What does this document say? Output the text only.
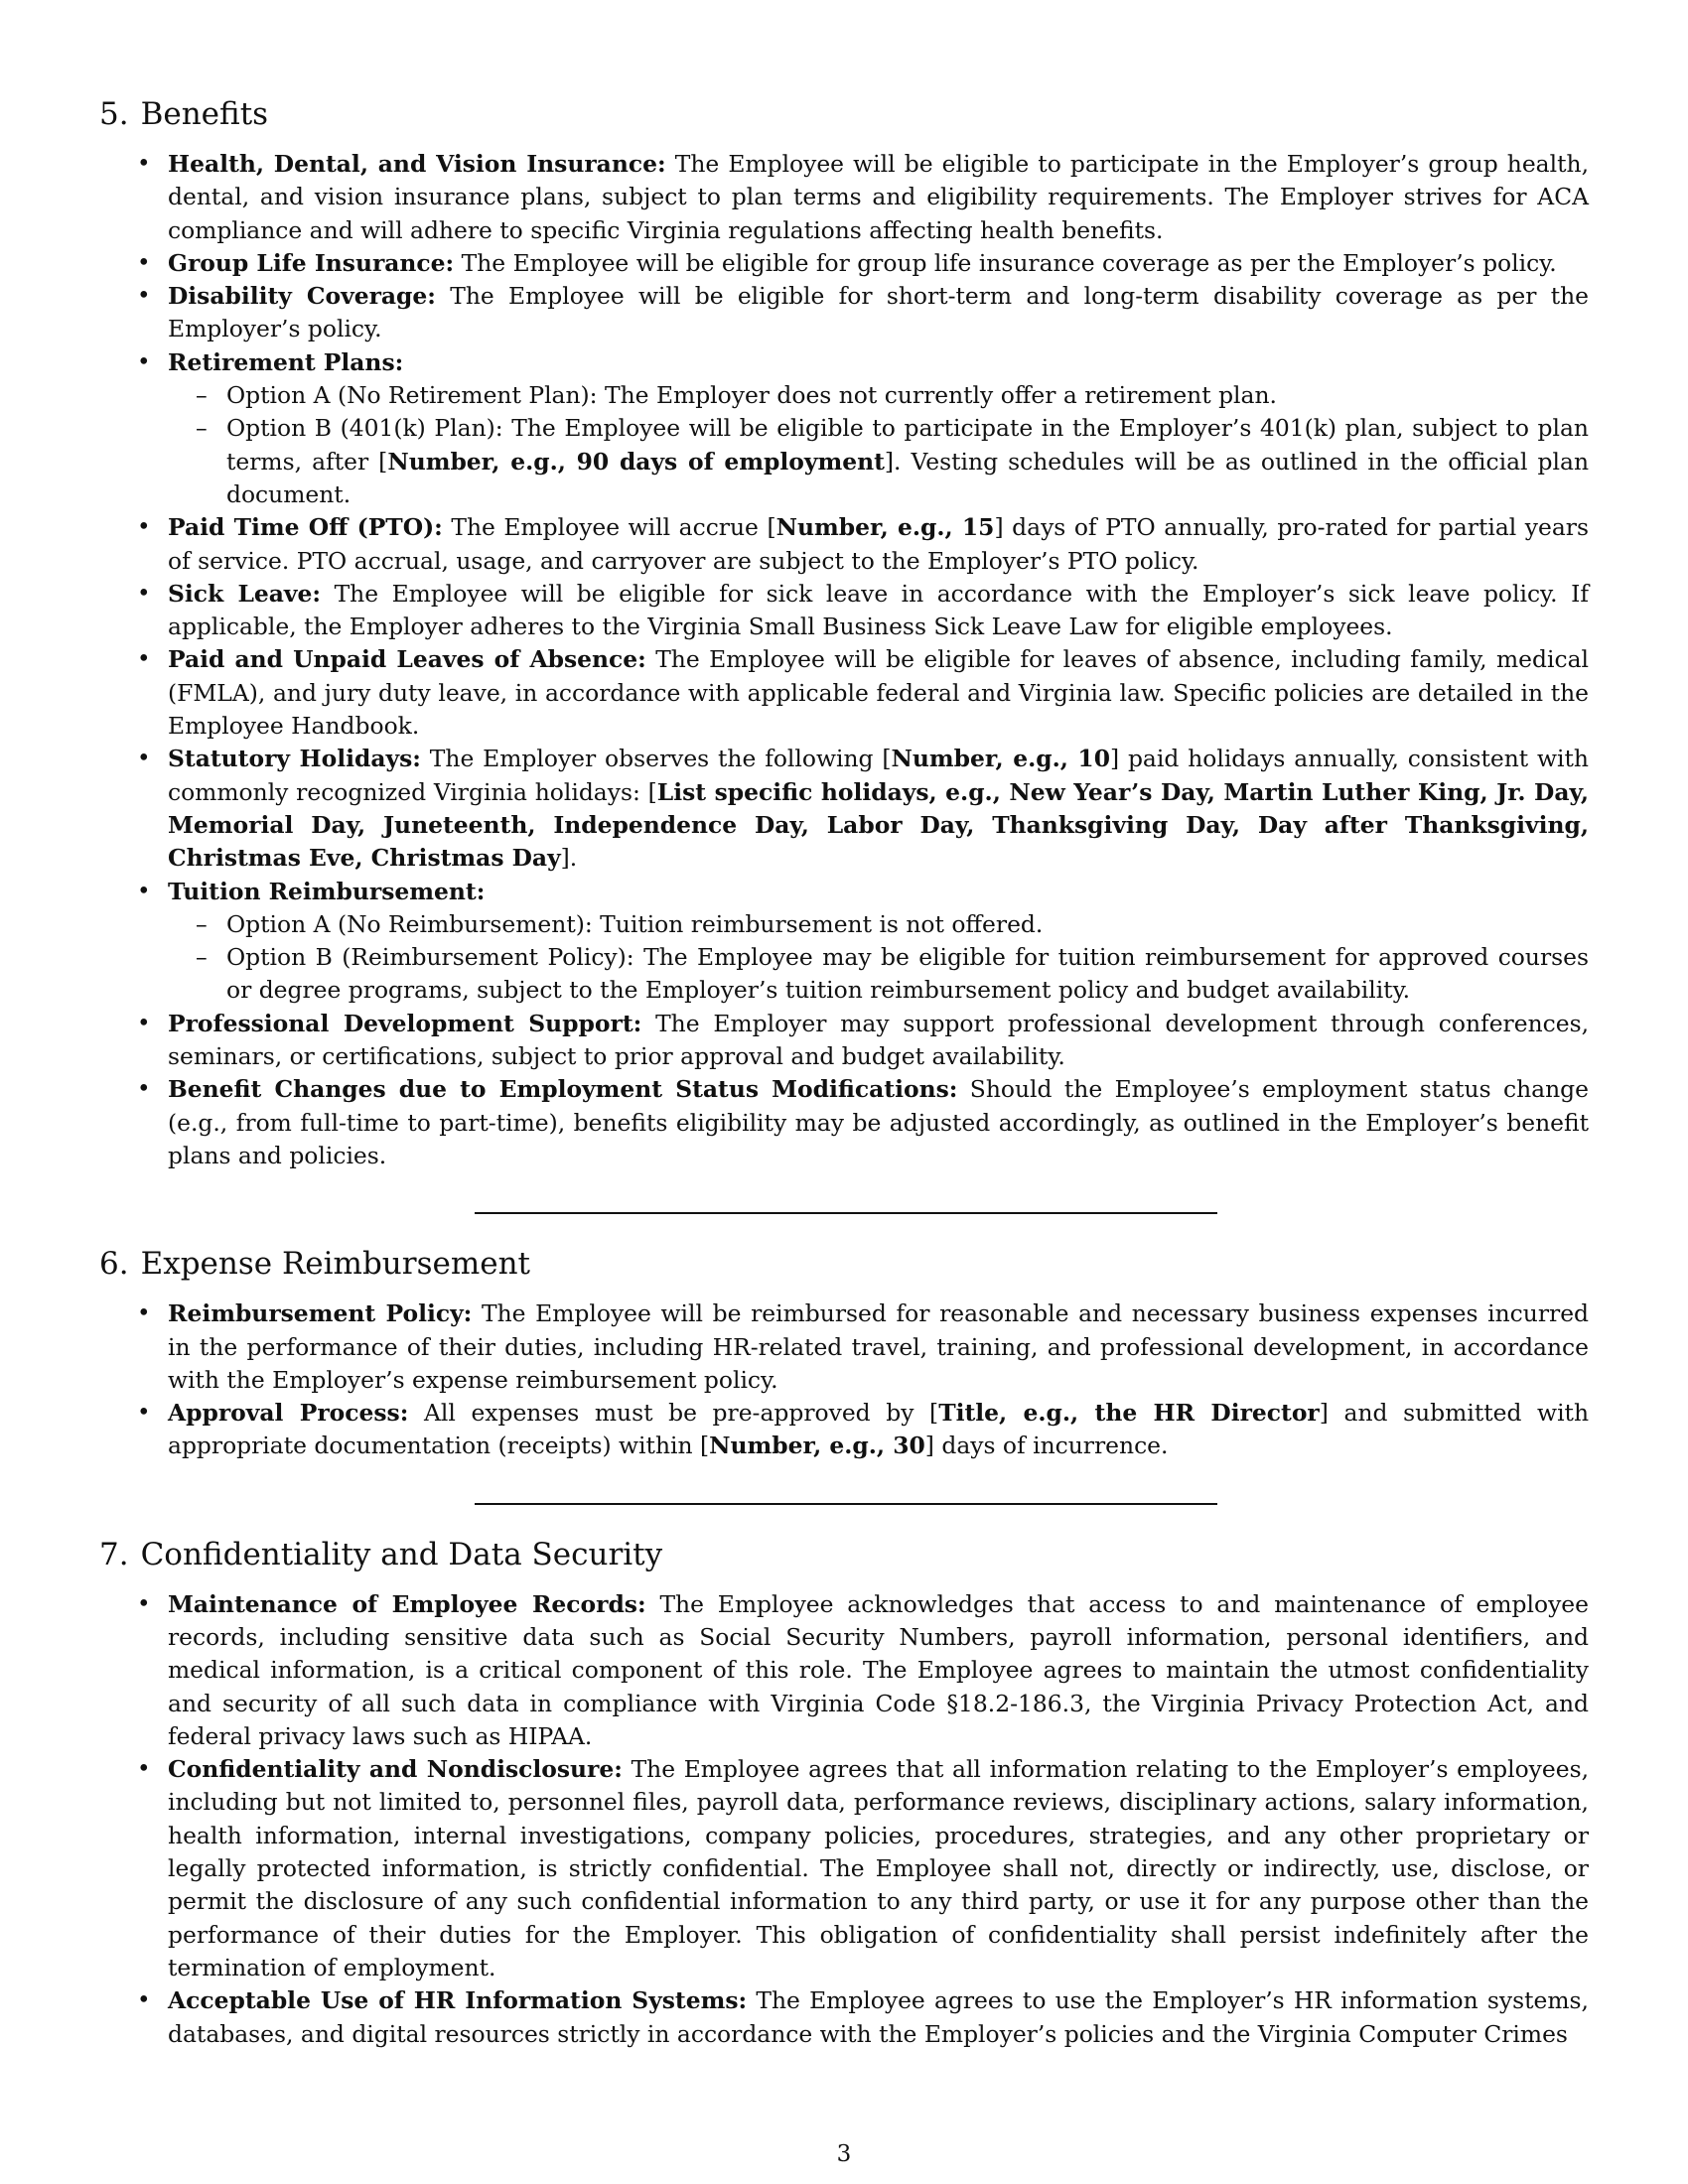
5. Benefits
• Health, Dental, and Vision Insurance: The Employee will be eligible to participate in the Employer’s group health, dental, and vision insurance plans, subject to plan terms and eligibility requirements. The Employer strives for ACA compliance and will adhere to specific Virginia regulations affecting health benefits.
• Group Life Insurance: The Employee will be eligible for group life insurance coverage as per the Employer’s policy.
• Disability Coverage: The Employee will be eligible for short-term and long-term disability coverage as per the Employer’s policy.
• Retirement Plans:
– Option A (No Retirement Plan): The Employer does not currently offer a retirement plan.
– Option B (401(k) Plan): The Employee will be eligible to participate in the Employer’s 401(k) plan, subject to plan terms, after [Number, e.g., 90 days of employment]. Vesting schedules will be as outlined in the official plan document.
• Paid Time Off (PTO): The Employee will accrue [Number, e.g., 15] days of PTO annually, pro-rated for partial years of service. PTO accrual, usage, and carryover are subject to the Employer’s PTO policy.
• Sick Leave: The Employee will be eligible for sick leave in accordance with the Employer’s sick leave policy. If applicable, the Employer adheres to the Virginia Small Business Sick Leave Law for eligible employees.
• Paid and Unpaid Leaves of Absence: The Employee will be eligible for leaves of absence, including family, medical (FMLA), and jury duty leave, in accordance with applicable federal and Virginia law. Specific policies are detailed in the Employee Handbook.
• Statutory Holidays: The Employer observes the following [Number, e.g., 10] paid holidays annually, consistent with commonly recognized Virginia holidays: [List specific holidays, e.g., New Year’s Day, Martin Luther King, Jr. Day, Memorial Day, Juneteenth, Independence Day, Labor Day, Thanksgiving Day, Day after Thanksgiving, Christmas Eve, Christmas Day].
• Tuition Reimbursement:
– Option A (No Reimbursement): Tuition reimbursement is not offered.
– Option B (Reimbursement Policy): The Employee may be eligible for tuition reimbursement for approved courses or degree programs, subject to the Employer’s tuition reimbursement policy and budget availability.
• Professional Development Support: The Employer may support professional development through conferences, seminars, or certifications, subject to prior approval and budget availability.
• Benefit Changes due to Employment Status Modifications: Should the Employee’s employment status change (e.g., from full-time to part-time), benefits eligibility may be adjusted accordingly, as outlined in the Employer’s benefit plans and policies.
6. Expense Reimbursement
• Reimbursement Policy: The Employee will be reimbursed for reasonable and necessary business expenses incurred in the performance of their duties, including HR-related travel, training, and professional development, in accordance with the Employer’s expense reimbursement policy.
• Approval Process: All expenses must be pre-approved by [Title, e.g., the HR Director] and submitted with appropriate documentation (receipts) within [Number, e.g., 30] days of incurrence.
7. Confidentiality and Data Security
• Maintenance of Employee Records: The Employee acknowledges that access to and maintenance of employee records, including sensitive data such as Social Security Numbers, payroll information, personal identifiers, and medical information, is a critical component of this role. The Employee agrees to maintain the utmost confidentiality and security of all such data in compliance with Virginia Code §18.2-186.3, the Virginia Privacy Protection Act, and federal privacy laws such as HIPAA.
• Confidentiality and Nondisclosure: The Employee agrees that all information relating to the Employer’s employees, including but not limited to, personnel files, payroll data, performance reviews, disciplinary actions, salary information, health information, internal investigations, company policies, procedures, strategies, and any other proprietary or legally protected information, is strictly confidential. The Employee shall not, directly or indirectly, use, disclose, or permit the disclosure of any such confidential information to any third party, or use it for any purpose other than the performance of their duties for the Employer. This obligation of confidentiality shall persist indefinitely after the termination of employment.
• Acceptable Use of HR Information Systems: The Employee agrees to use the Employer’s HR information systems, databases, and digital resources strictly in accordance with the Employer’s policies and the Virginia Computer Crimes
3
